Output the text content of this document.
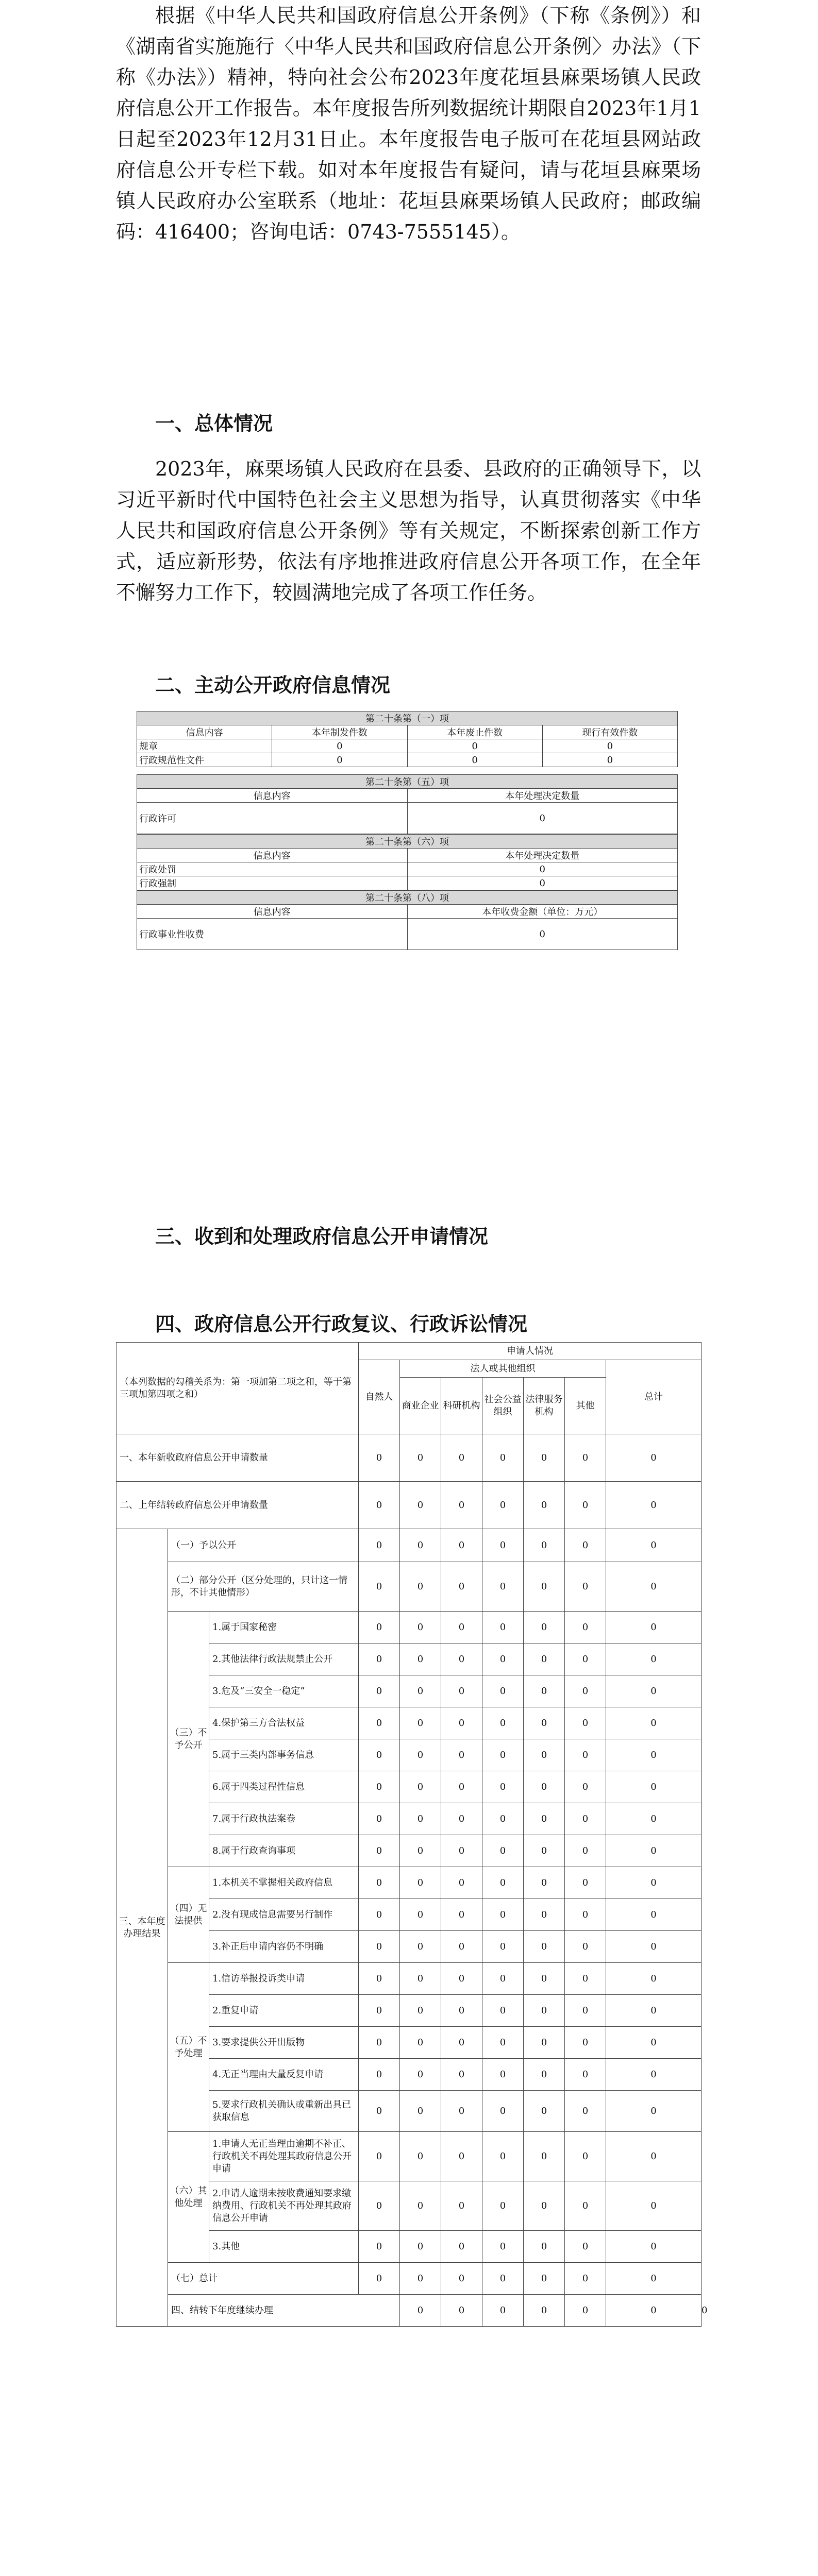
根据《中华人民共和国政府信息公开条例》（下称《条例》）和《湖南省实施施行〈中华人民共和国政府信息公开条例〉办法》（下称《办法》）精神，特向社会公布2023年度花垣县麻栗场镇人民政府信息公开工作报告。本年度报告所列数据统计期限自2023年1月1日起至2023年12月31日止。本年度报告电子版可在花垣县网站政府信息公开专栏下载。如对本年度报告有疑问，请与花垣县麻栗场镇人民政府办公室联系（地址：花垣县麻栗场镇人民政府；邮政编码：416400；咨询电话：0743-7555145）。

一、总体情况

2023年，麻栗场镇人民政府在县委、县政府的正确领导下，以习近平新时代中国特色社会主义思想为指导，认真贯彻落实《中华人民共和国政府信息公开条例》等有关规定，不断探索创新工作方式，适应新形势，依法有序地推进政府信息公开各项工作，在全年不懈努力工作下，较圆满地完成了各项工作任务。

二、主动公开政府信息情况

第二十条第（一）项			
信息内容	本年制发件数	本年废止件数	现行有效件数
规章	0	0	0
行政规范性文件	0	0	0
第二十条第（五）项	
信息内容	本年处理决定数量
行政许可	0
第二十条第（六）项	
信息内容	本年处理决定数量
行政处罚	0
行政强制	0
第二十条第（八）项	
信息内容	本年收费金额（单位：万元）
行政事业性收费	0

三、收到和处理政府信息公开申请情况

四、政府信息公开行政复议、行政诉讼情况

（本列数据的勾稽关系为：第一项加第二项之和，等于第三项加第四项之和）			申请人情况							
			自然人	法人或其他组织					总计	
				商业企业	科研机构	社会公益组织	法律服务机构	其他		
一、本年新收政府信息公开申请数量			0	0	0	0	0	0	0	
二、上年结转政府信息公开申请数量			0	0	0	0	0	0	0	
三、本年度办理结果	（一）予以公开		0	0	0	0	0	0	0	
	（二）部分公开（区分处理的，只计这一情形，不计其他情形）		0	0	0	0	0	0	0	
	（三）不予公开	1.属于国家秘密	0	0	0	0	0	0	0	
		2.其他法律行政法规禁止公开	0	0	0	0	0	0	0	
		3.危及“三安全一稳定”	0	0	0	0	0	0	0	
		4.保护第三方合法权益	0	0	0	0	0	0	0	
		5.属于三类内部事务信息	0	0	0	0	0	0	0	
		6.属于四类过程性信息	0	0	0	0	0	0	0	
		7.属于行政执法案卷	0	0	0	0	0	0	0	
		8.属于行政查询事项	0	0	0	0	0	0	0	
	（四）无法提供	1.本机关不掌握相关政府信息	0	0	0	0	0	0	0	
		2.没有现成信息需要另行制作	0	0	0	0	0	0	0	
		3.补正后申请内容仍不明确	0	0	0	0	0	0	0	
	（五）不予处理	1.信访举报投诉类申请	0	0	0	0	0	0	0	
		2.重复申请	0	0	0	0	0	0	0	
		3.要求提供公开出版物	0	0	0	0	0	0	0	
		4.无正当理由大量反复申请	0	0	0	0	0	0	0	
		5.要求行政机关确认或重新出具已获取信息	0	0	0	0	0	0	0	
	（六）其他处理	1.申请人无正当理由逾期不补正、行政机关不再处理其政府信息公开申请	0	0	0	0	0	0	0	
		2.申请人逾期未按收费通知要求缴纳费用、行政机关不再处理其政府信息公开申请	0	0	0	0	0	0	0	
		3.其他	0	0	0	0	0	0	0	
	（七）总计		0	0	0	0	0	0	0	
	四、结转下年度继续办理			0	0	0	0	0	0	0
